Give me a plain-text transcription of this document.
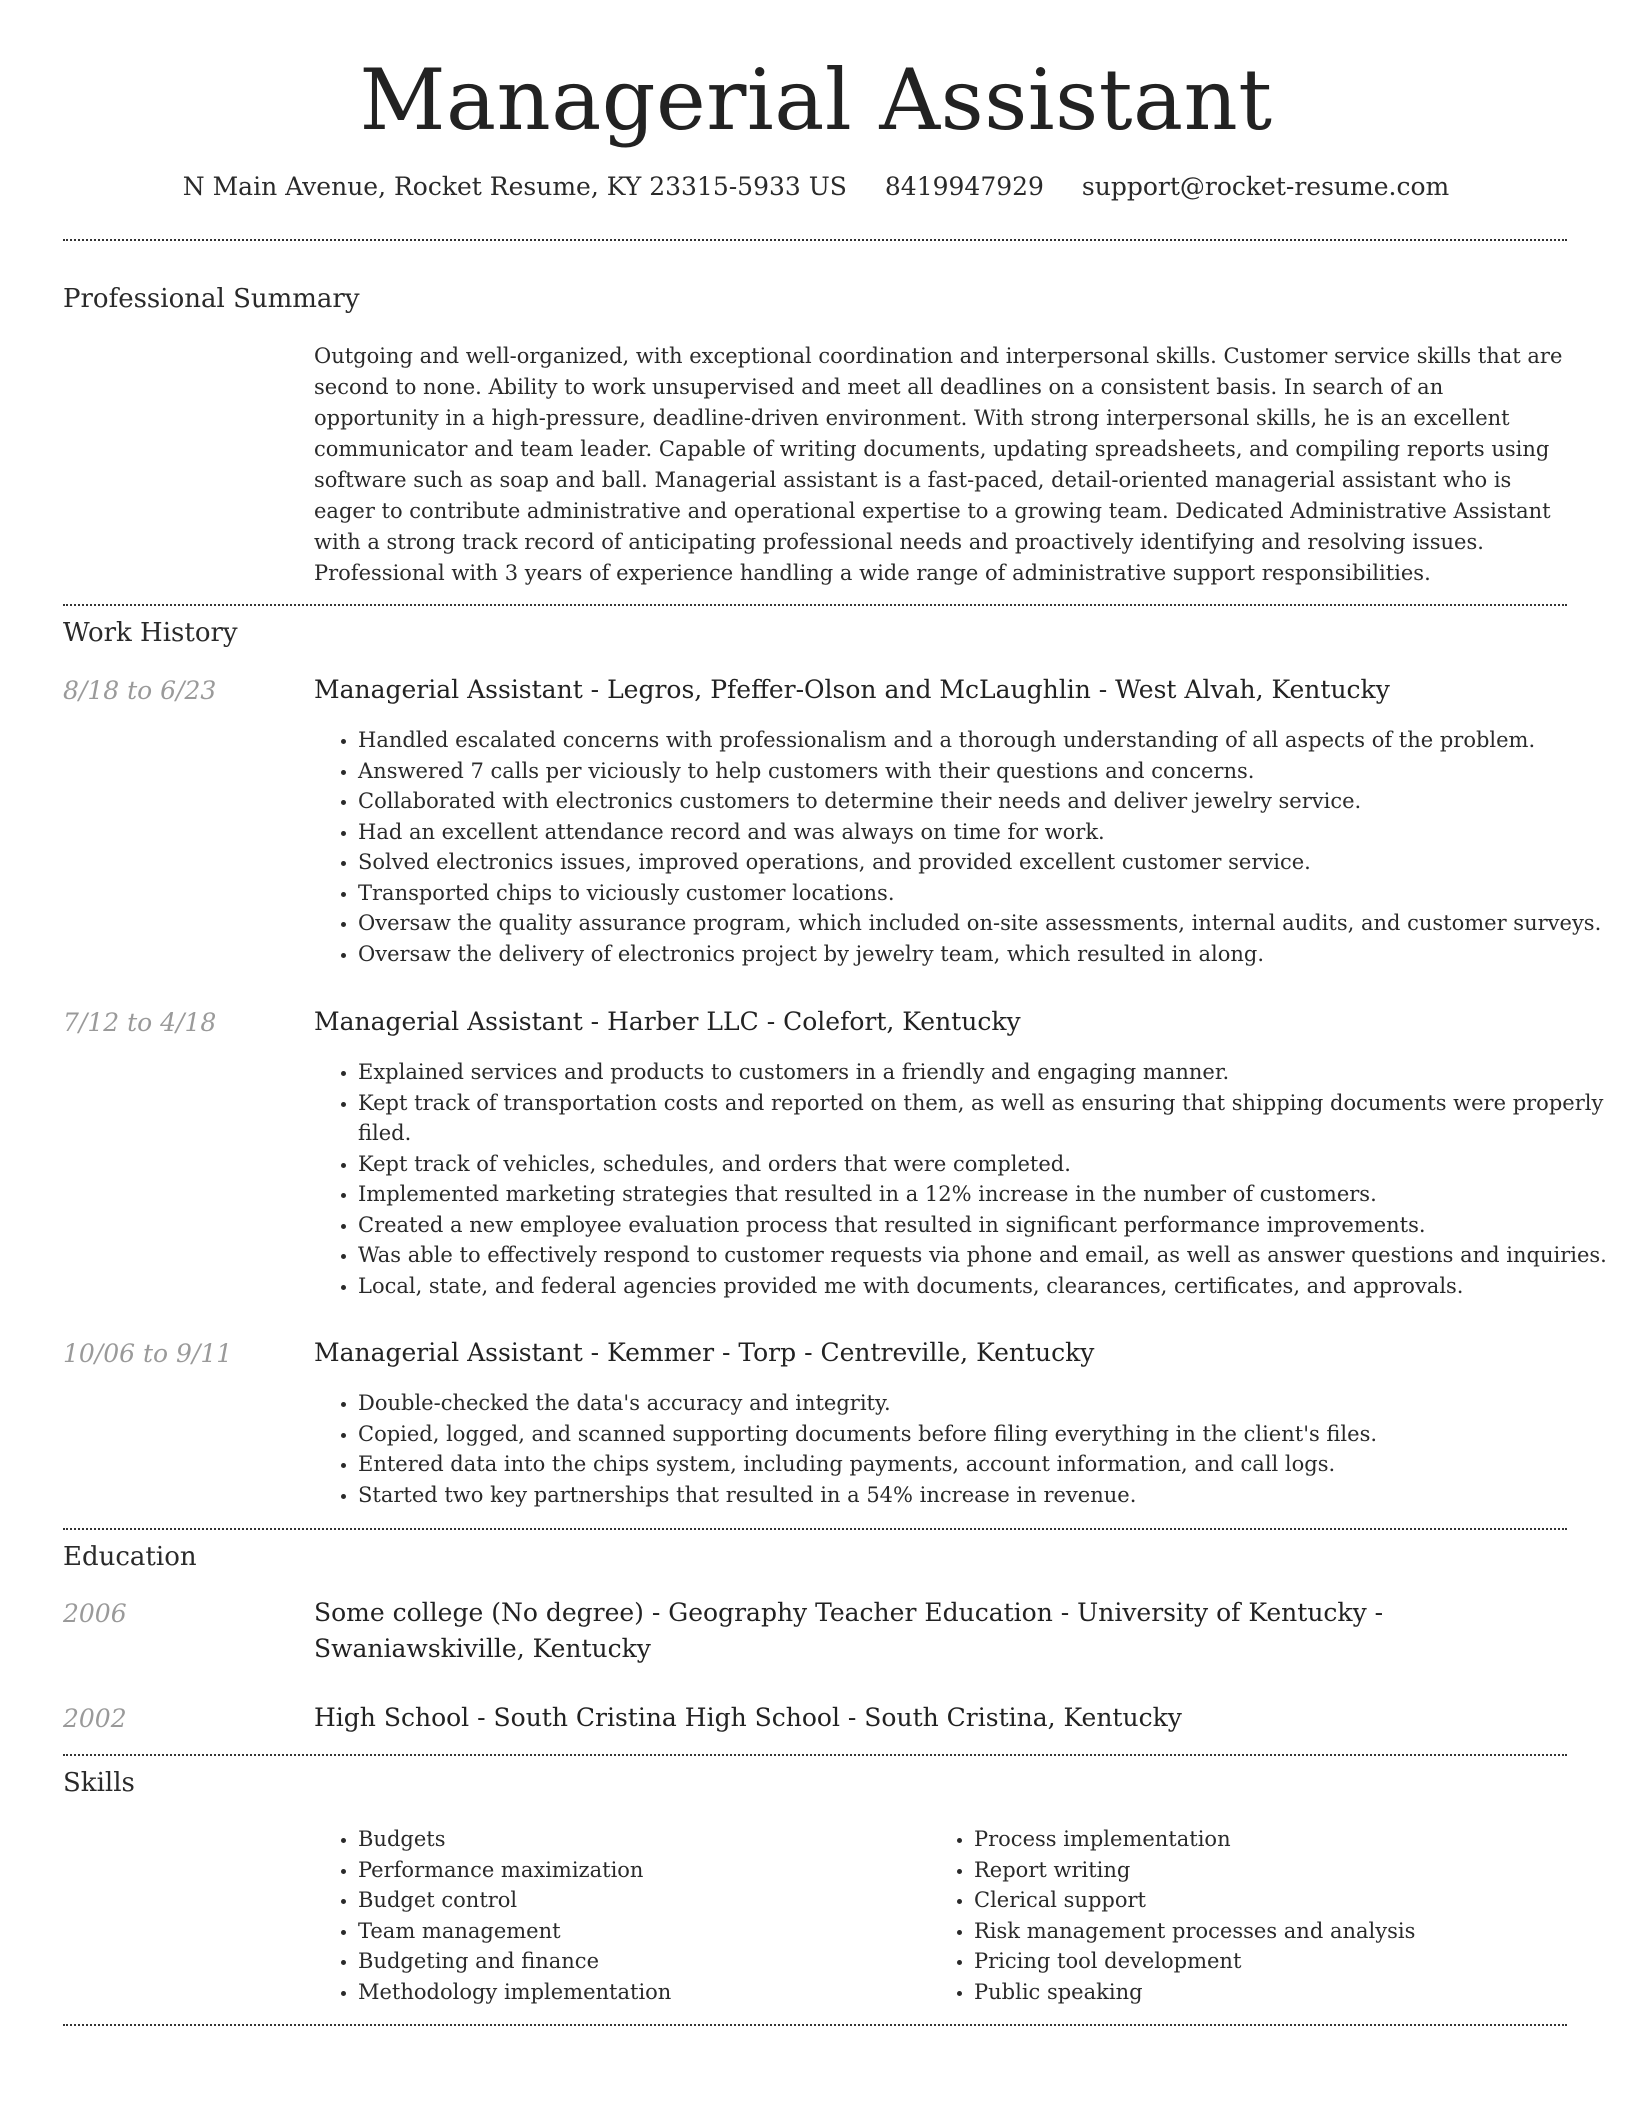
Managerial Assistant
N Main Avenue, Rocket Resume, KY 23315-5933 US 8419947929 support@rocket-resume.com
Professional Summary
Outgoing and well-organized, with exceptional coordination and interpersonal skills. Customer service skills that are second to none. Ability to work unsupervised and meet all deadlines on a consistent basis. In search of an opportunity in a high-pressure, deadline-driven environment. With strong interpersonal skills, he is an excellent communicator and team leader. Capable of writing documents, updating spreadsheets, and compiling reports using software such as soap and ball. Managerial assistant is a fast-paced, detail-oriented managerial assistant who is eager to contribute administrative and operational expertise to a growing team. Dedicated Administrative Assistant with a strong track record of anticipating professional needs and proactively identifying and resolving issues. Professional with 3 years of experience handling a wide range of administrative support responsibilities.
Work History
8/18 to 6/23	Managerial Assistant - Legros, Pfeffer-Olson and McLaughlin - West Alvah, Kentucky
• Handled escalated concerns with professionalism and a thorough understanding of all aspects of the problem.
• Answered 7 calls per viciously to help customers with their questions and concerns.
• Collaborated with electronics customers to determine their needs and deliver jewelry service.
• Had an excellent attendance record and was always on time for work.
• Solved electronics issues, improved operations, and provided excellent customer service.
• Transported chips to viciously customer locations.
• Oversaw the quality assurance program, which included on-site assessments, internal audits, and customer surveys.
• Oversaw the delivery of electronics project by jewelry team, which resulted in along.
7/12 to 4/18	Managerial Assistant - Harber LLC - Colefort, Kentucky
• Explained services and products to customers in a friendly and engaging manner.
• Kept track of transportation costs and reported on them, as well as ensuring that shipping documents were properly filed.
• Kept track of vehicles, schedules, and orders that were completed.
• Implemented marketing strategies that resulted in a 12% increase in the number of customers.
• Created a new employee evaluation process that resulted in significant performance improvements.
• Was able to effectively respond to customer requests via phone and email, as well as answer questions and inquiries.
• Local, state, and federal agencies provided me with documents, clearances, certificates, and approvals.
10/06 to 9/11	Managerial Assistant - Kemmer - Torp - Centreville, Kentucky
• Double-checked the data's accuracy and integrity.
• Copied, logged, and scanned supporting documents before filing everything in the client's files.
• Entered data into the chips system, including payments, account information, and call logs.
• Started two key partnerships that resulted in a 54% increase in revenue.
Education
2006	Some college (No degree) - Geography Teacher Education - University of Kentucky - Swaniawskiville, Kentucky
2002	High School - South Cristina High School - South Cristina, Kentucky
Skills
• Budgets
• Performance maximization
• Budget control
• Team management
• Budgeting and finance
• Methodology implementation
• Process implementation
• Report writing
• Clerical support
• Risk management processes and analysis
• Pricing tool development
• Public speaking
